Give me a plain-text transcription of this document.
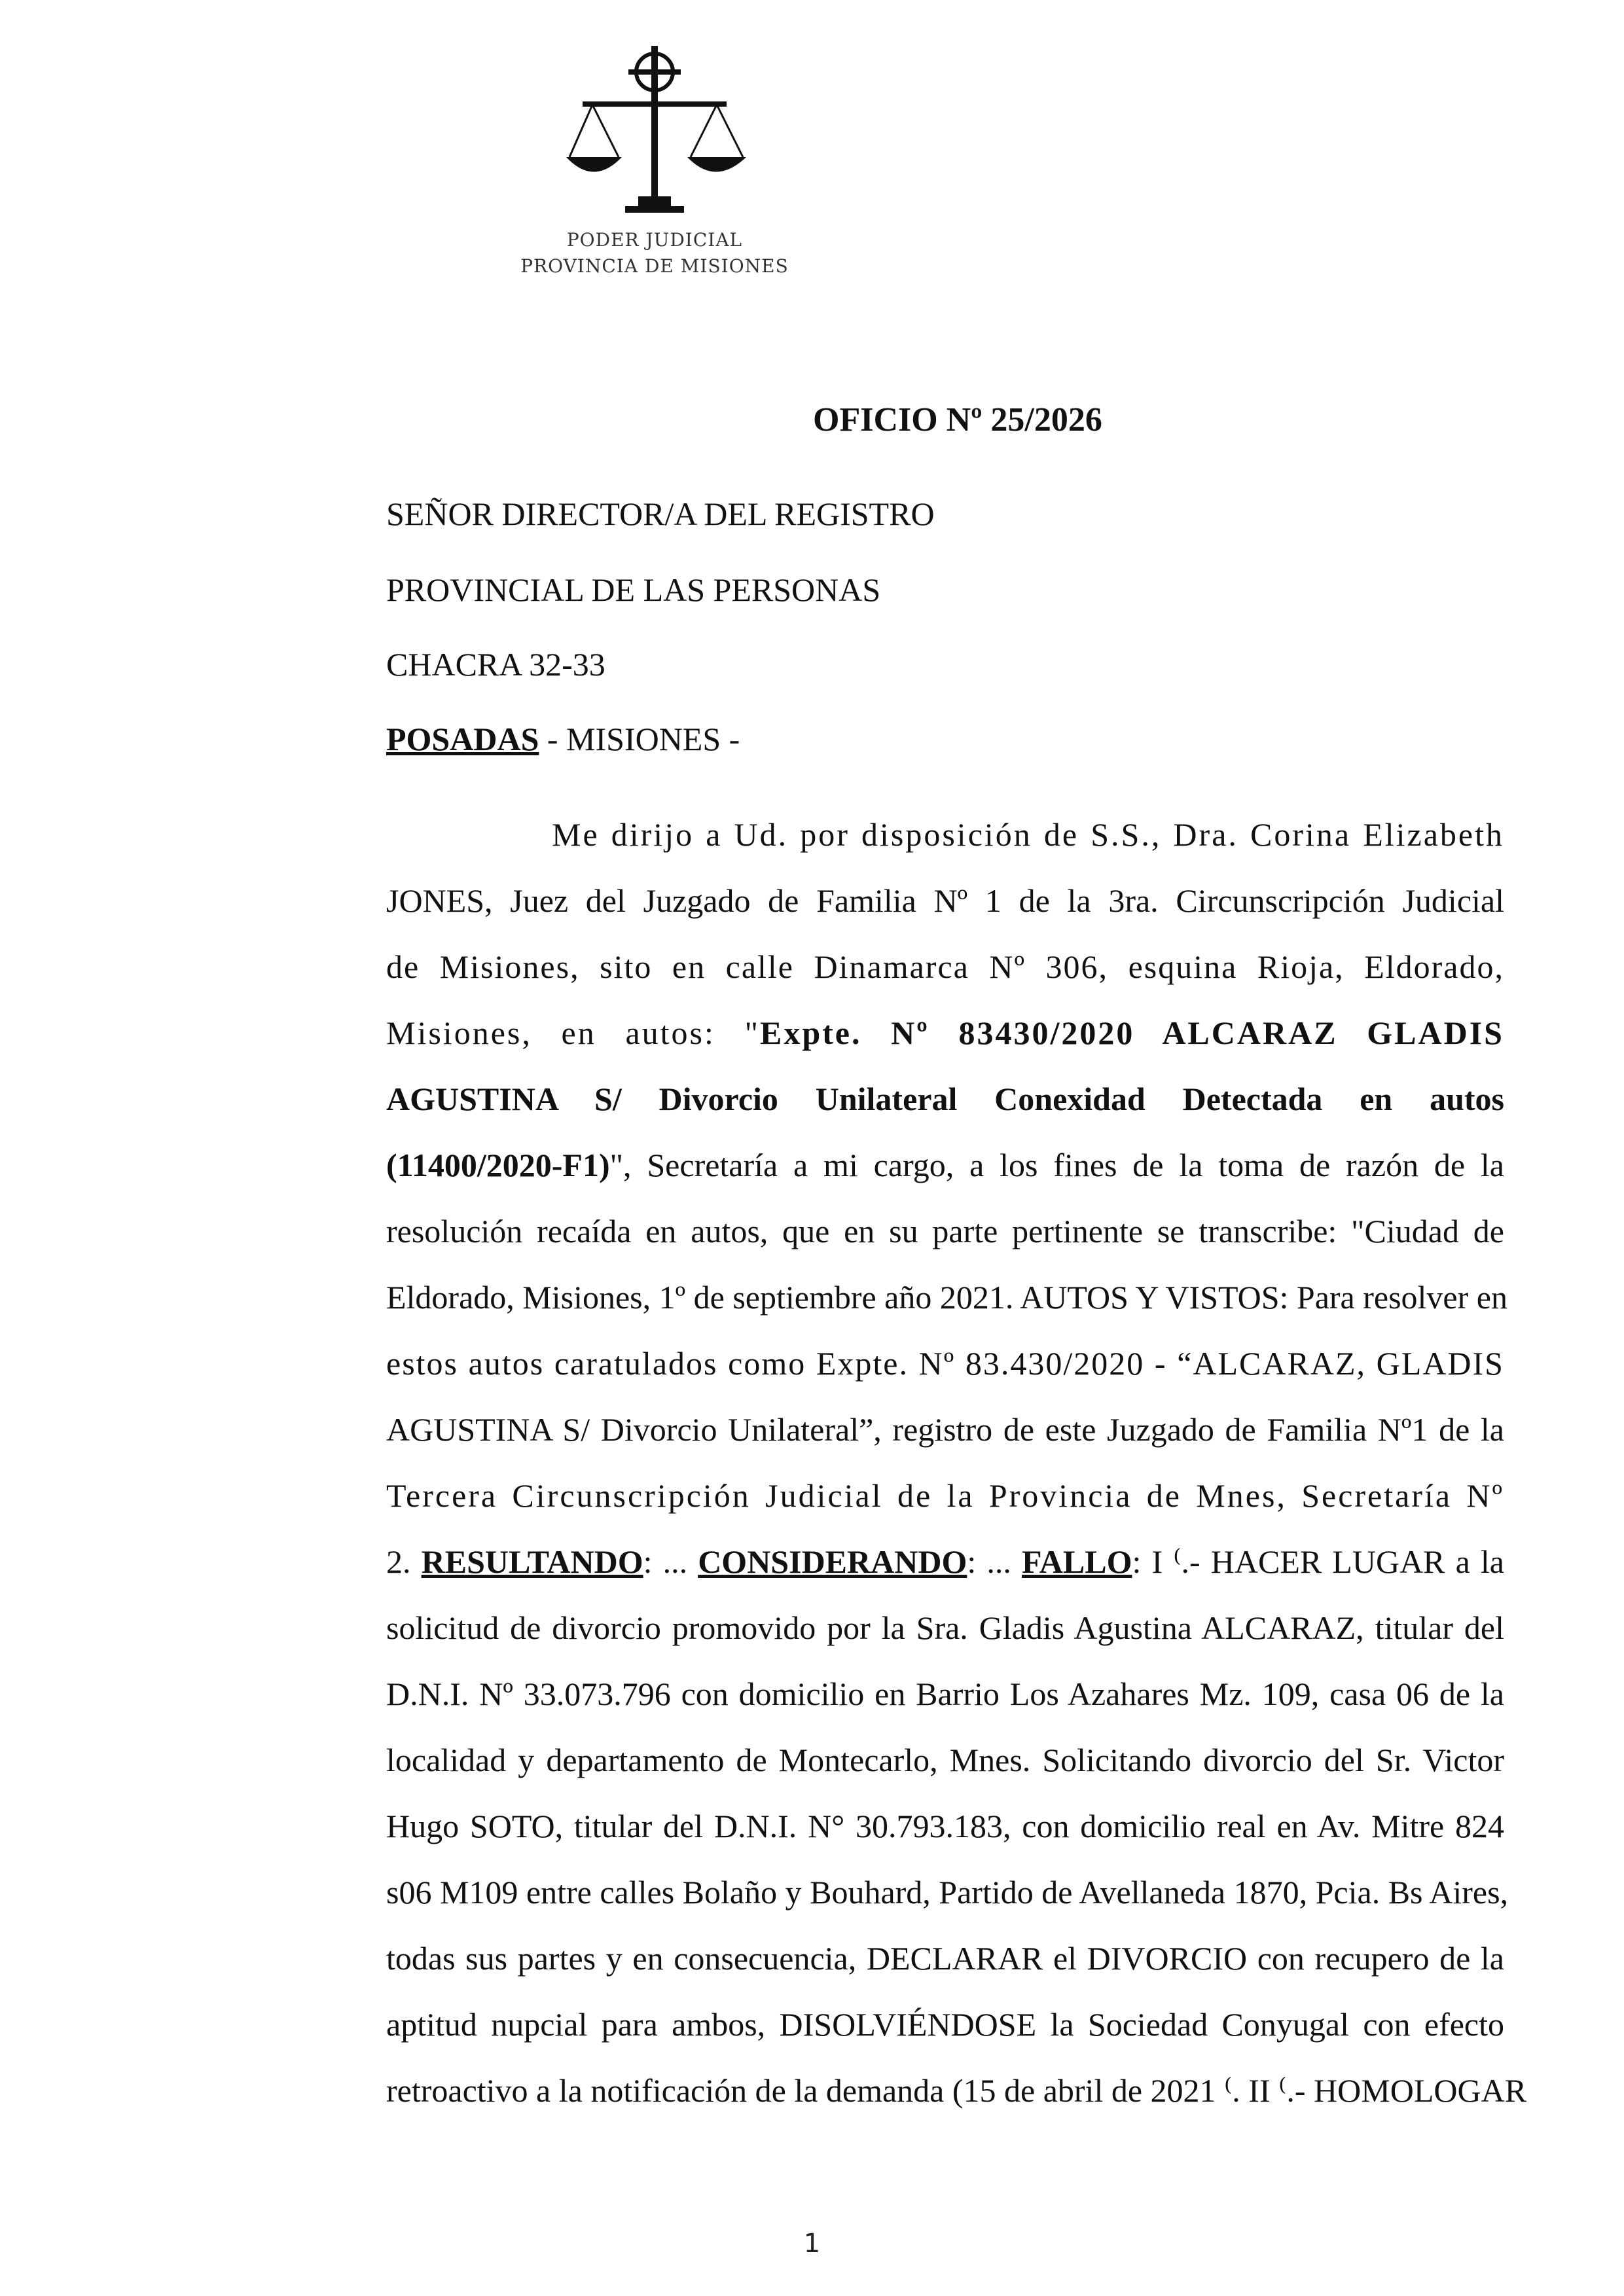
PODER JUDICIAL
PROVINCIA DE MISIONES
OFICIO Nº 25/2026
SEÑOR DIRECTOR/A DEL REGISTRO
PROVINCIAL DE LAS PERSONAS
CHACRA 32-33
POSADAS - MISIONES -
Me dirijo a Ud. por disposición de S.S., Dra. Corina Elizabeth
JONES, Juez del Juzgado de Familia Nº 1 de la 3ra. Circunscripción Judicial
de Misiones, sito en calle Dinamarca Nº 306, esquina Rioja, Eldorado,
Misiones, en autos: "Expte. Nº 83430/2020 ALCARAZ GLADIS
AGUSTINA S/ Divorcio Unilateral Conexidad Detectada en autos
(11400/2020-F1)", Secretaría a mi cargo, a los fines de la toma de razón de la
resolución recaída en autos, que en su parte pertinente se transcribe: "Ciudad de
Eldorado, Misiones, 1º de septiembre año 2021. AUTOS Y VISTOS: Para resolver en
estos autos caratulados como Expte. Nº 83.430/2020 - “ALCARAZ, GLADIS
AGUSTINA S/ Divorcio Unilateral”, registro de este Juzgado de Familia Nº1 de la
Tercera Circunscripción Judicial de la Provincia de Mnes, Secretaría Nº
2. RESULTANDO: ... CONSIDERANDO: ... FALLO: I ⁽.- HACER LUGAR a la
solicitud de divorcio promovido por la Sra. Gladis Agustina ALCARAZ, titular del
D.N.I. Nº 33.073.796 con domicilio en Barrio Los Azahares Mz. 109, casa 06 de la
localidad y departamento de Montecarlo, Mnes. Solicitando divorcio del Sr. Victor
Hugo SOTO, titular del D.N.I. N° 30.793.183, con domicilio real en Av. Mitre 824
s06 M109 entre calles Bolaño y Bouhard, Partido de Avellaneda 1870, Pcia. Bs Aires,
todas sus partes y en consecuencia, DECLARAR el DIVORCIO con recupero de la
aptitud nupcial para ambos, DISOLVIÉNDOSE la Sociedad Conyugal con efecto
retroactivo a la notificación de la demanda (15 de abril de 2021 ⁽. II ⁽.- HOMOLOGAR
1
